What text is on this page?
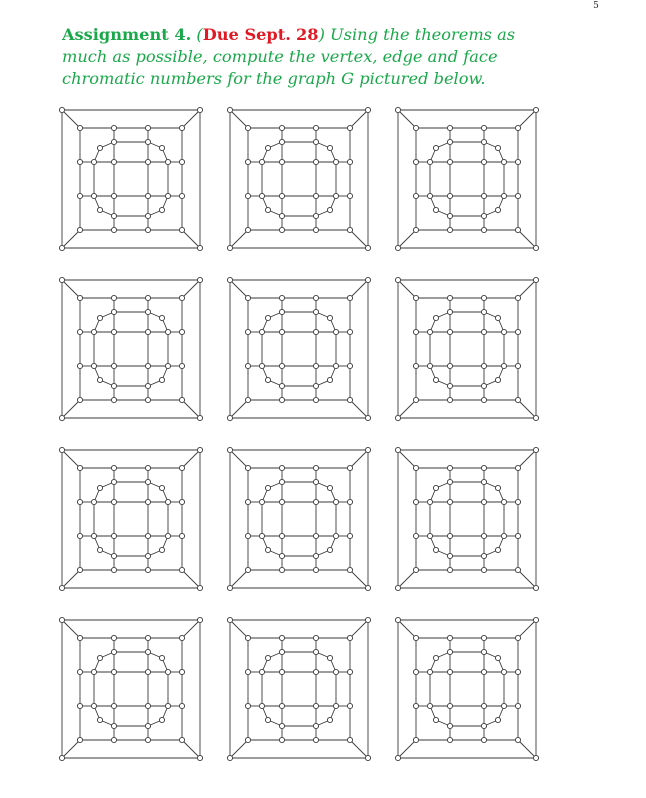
5
Assignment 4. (Due Sept. 28) Using the theorems as much as possible, compute the vertex, edge and face chromatic numbers for the graph G pictured below.
